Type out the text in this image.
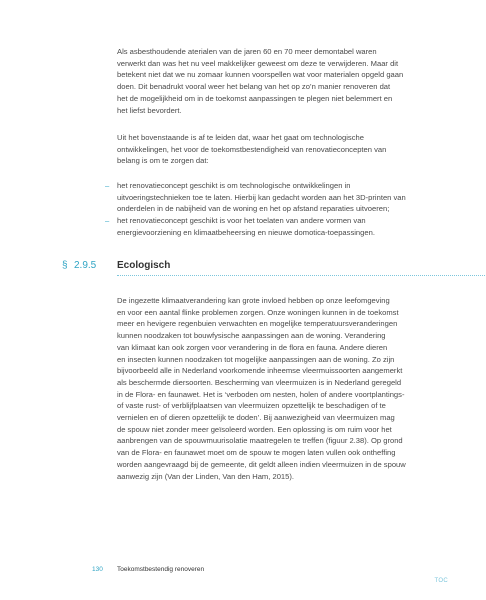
Als asbesthoudende aterialen van de jaren 60 en 70 meer demontabel waren
verwerkt dan was het nu veel makkelijker geweest om deze te verwijderen. Maar dit
betekent niet dat we nu zomaar kunnen voorspellen wat voor materialen opgeld gaan
doen. Dit benadrukt vooral weer het belang van het op zo’n manier renoveren dat
het de mogelijkheid om in de toekomst aanpassingen te plegen niet belemmert en
het liefst bevordert.
Uit het bovenstaande is af te leiden dat, waar het gaat om technologische
ontwikkelingen, het voor de toekomstbestendigheid van renovatieconcepten van
belang is om te zorgen dat:
– het renovatieconcept geschikt is om technologische ontwikkelingen in
uitvoeringstechnieken toe te laten. Hierbij kan gedacht worden aan het 3D-printen van
onderdelen in de nabijheid van de woning en het op afstand reparaties uitvoeren;
– het renovatieconcept geschikt is voor het toelaten van andere vormen van
energievoorziening en klimaatbeheersing en nieuwe domotica-toepassingen.
§ 2.9.5 Ecologisch
De ingezette klimaatverandering kan grote invloed hebben op onze leefomgeving
en voor een aantal flinke problemen zorgen. Onze woningen kunnen in de toekomst
meer en hevigere regenbuien verwachten en mogelijke temperatuursveranderingen
kunnen noodzaken tot bouwfysische aanpassingen aan de woning. Verandering
van klimaat kan ook zorgen voor verandering in de flora en fauna. Andere dieren
en insecten kunnen noodzaken tot mogelijke aanpassingen aan de woning. Zo zijn
bijvoorbeeld alle in Nederland voorkomende inheemse vleermuissoorten aangemerkt
als beschermde diersoorten. Bescherming van vleermuizen is in Nederland geregeld
in de Flora- en faunawet. Het is ‘verboden om nesten, holen of andere voortplantings-
of vaste rust- of verblijfplaatsen van vleermuizen opzettelijk te beschadigen of te
vernielen en of dieren opzettelijk te doden’. Bij aanwezigheid van vleermuizen mag
de spouw niet zonder meer geïsoleerd worden. Een oplossing is om ruim voor het
aanbrengen van de spouwmuurisolatie maatregelen te treffen (figuur 2.38). Op grond
van de Flora- en faunawet moet om de spouw te mogen laten vullen ook ontheffing
worden aangevraagd bij de gemeente, dit geldt alleen indien vleermuizen in de spouw
aanwezig zijn (Van der Linden, Van den Ham, 2015).
130 Toekomstbestendig renoveren
TOC
